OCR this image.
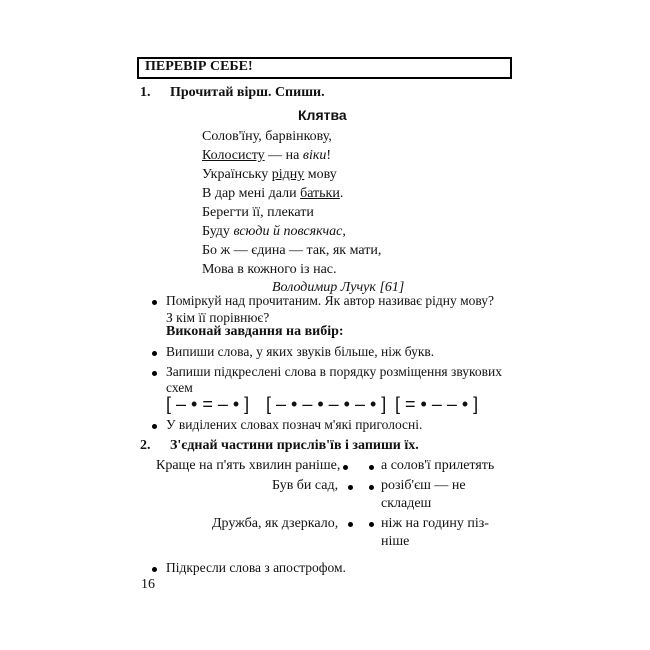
ПЕРЕВІР СЕБЕ!
1. Прочитай вірш. Спиши.
Клятва
Солов'їну, барвінкову,
Колосисту — на віки!
Українську рідну мову
В дар мені дали батьки.
Берегти її, плекати
Буду всюди й повсякчас,
Бо ж — єдина — так, як мати,
Мова в кожного із нас.
Володимир Лучук [61]
Поміркуй над прочитаним. Як автор називає рідну мову?
З кім її порівнює?
Виконай завдання на вибір:
Випиши слова, у яких звуків більше, ніж букв.
Запиши підкреслені слова в порядку розміщення звукових
схем
[ – • = – • ] [ – • – • – • – • ] [ = • – – • ]
У виділених словах познач м'які приголосні.
2. З'єднай частини прислів'їв і запиши їх.
Краще на п'ять хвилин раніше,	а солов'ї прилетять
Був би сад,	розіб'єш — не
складеш
Дружба, як дзеркало,	ніж на годину піз-
ніше
Підкресли слова з апострофом.
16
